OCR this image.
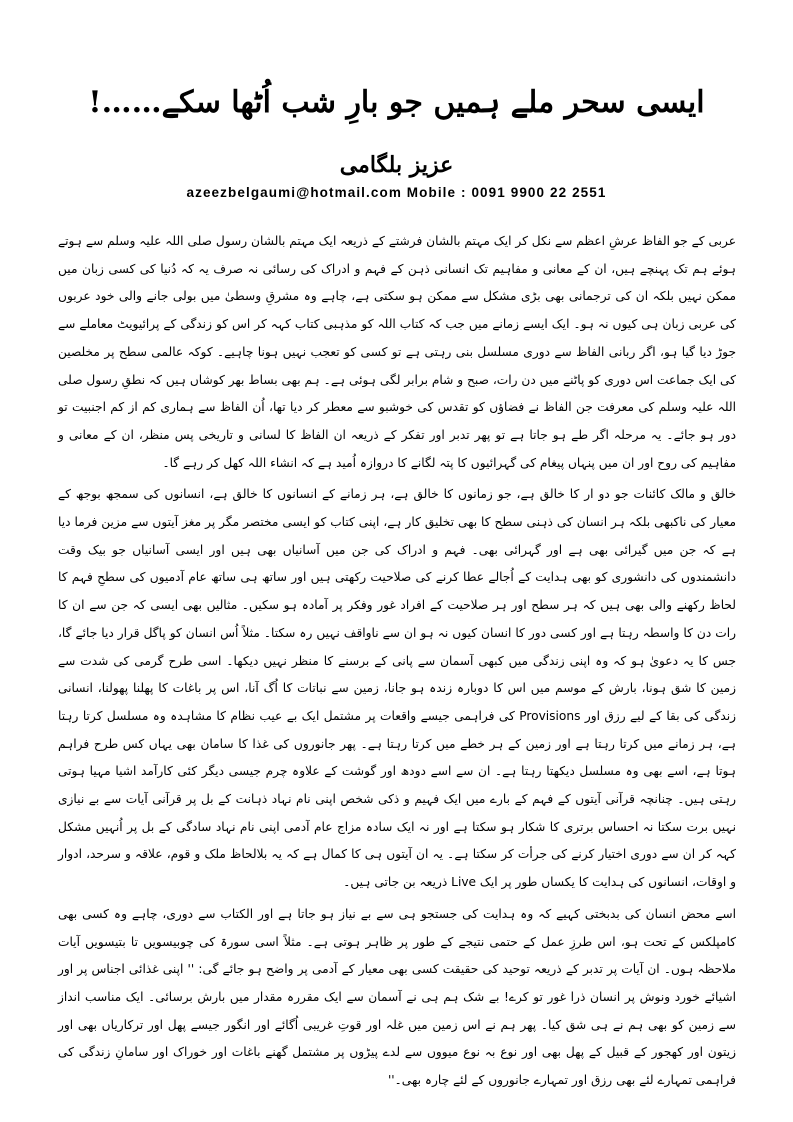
ایسی سحر ملے ہمیں جو بارِ شب اُٹھا سکے……!
عزیز بلگامی
azeezbelgaumi@hotmail.com Mobile : 0091 9900 22 2551

عربی کے جو الفاظ عرشِ اعظم سے نکل کر ایک مہتم بالشان فرشتے کے ذریعہ ایک مہتم بالشان رسول صلی اللہ علیہ وسلم سے ہوتے ہوئے ہم تک پہنچے ہیں، ان کے معانی و مفاہیم تک انسانی ذہن کے فہم و ادراک کی رسائی نہ صرف یہ کہ دُنیا کی کسی زبان میں ممکن نہیں بلکہ ان کی ترجمانی بھی بڑی مشکل سے ممکن ہو سکتی ہے، چاہے وہ مشرقِ وسطیٰ میں بولی جانے والی خود عربوں کی عربی زبان ہی کیوں نہ ہو۔ ایک ایسے زمانے میں جب کہ کتاب اللہ کو مذہبی کتاب کہہ کر اس کو زندگی کے پرائیویٹ معاملے سے جوڑ دیا گیا ہو، اگر ربانی الفاظ سے دوری مسلسل بنی رہتی ہے تو کسی کو تعجب نہیں ہونا چاہیے۔ کوکہ عالمی سطح پر مخلصین کی ایک جماعت اس دوری کو پاٹنے میں دن رات، صبح و شام برابر لگی ہوئی ہے۔ ہم بھی بساط بھر کوشاں ہیں کہ نطقِ رسول صلی اللہ علیہ وسلم کی معرفت جن الفاظ نے فضاؤں کو تقدس کی خوشبو سے معطر کر دیا تھا، اُن الفاظ سے ہماری کم از کم اجنبیت تو دور ہو جائے۔ یہ مرحلہ اگر طے ہو جاتا ہے تو پھر تدبر اور تفکر کے ذریعہ ان الفاظ کا لسانی و تاریخی پس منظر، ان کے معانی و مفاہیم کی روح اور ان میں پنہاں پیغام کی گہرائیوں کا پتہ لگانے کا دروازہ اُمید ہے کہ انشاء اللہ کھل کر رہے گا۔

خالق و مالک کائنات جو دو ار کا خالق ہے، جو زمانوں کا خالق ہے، ہر زمانے کے انسانوں کا خالق ہے، انسانوں کی سمجھ بوجھ کے معیار کی ناکبھی بلکہ ہر انسان کی ذہنی سطح کا بھی تخلیق کار ہے، اپنی کتاب کو ایسی مختصر مگر پر مغز آیتوں سے مزین فرما دیا ہے کہ جن میں گیرائی بھی ہے اور گہرائی بھی۔ فہم و ادراک کی جن میں آسانیاں بھی ہیں اور ایسی آسانیاں جو بیک وقت دانشمندوں کی دانشوری کو بھی ہدایت کے اُجالے عطا کرنے کی صلاحیت رکھتی ہیں اور ساتھ ہی ساتھ عام آدمیوں کی سطحِ فہم کا لحاظ رکھنے والی بھی ہیں کہ ہر سطح اور ہر صلاحیت کے افراد غور وفکر پر آمادہ ہو سکیں۔ مثالیں بھی ایسی کہ جن سے ان کا رات دن کا واسطہ رہتا ہے اور کسی دور کا انسان کیوں نہ ہو ان سے ناواقف نہیں رہ سکتا۔ مثلاً اُس انسان کو پاگل قرار دیا جائے گا، جس کا یہ دعویٰ ہو کہ وہ اپنی زندگی میں کبھی آسمان سے پانی کے برسنے کا منظر نہیں دیکھا۔ اسی طرح گرمی کی شدت سے زمین کا شق ہونا، بارش کے موسم میں اس کا دوبارہ زندہ ہو جانا، زمین سے نباتات کا اُگ آنا، اس پر باغات کا پھلنا پھولنا، انسانی زندگی کی بقا کے لیے رزق اور Provisions کی فراہمی جیسے واقعات پر مشتمل ایک بے عیب نظام کا مشاہدہ وہ مسلسل کرتا رہتا ہے، ہر زمانے میں کرتا رہتا ہے اور زمین کے ہر خطے میں کرتا رہتا ہے۔ پھر جانوروں کی غذا کا سامان بھی یہاں کس طرح فراہم ہوتا ہے، اسے بھی وہ مسلسل دیکھتا رہتا ہے۔ ان سے اسے دودھ اور گوشت کے علاوہ چرم جیسی دیگر کئی کارآمد اشیا مہیا ہوتی رہتی ہیں۔ چنانچہ قرآنی آیتوں کے فہم کے بارے میں ایک فہیم و ذکی شخص اپنی نام نہاد ذہانت کے بل پر قرآنی آیات سے بے نیازی نہیں برت سکتا نہ احساس برتری کا شکار ہو سکتا ہے اور نہ ایک سادہ مزاج عام آدمی اپنی نام نہاد سادگی کے بل پر اُنہیں مشکل کہہ کر ان سے دوری اختیار کرنے کی جرأت کر سکتا ہے۔ یہ ان آیتوں ہی کا کمال ہے کہ یہ بلالحاظ ملک و قوم، علاقہ و سرحد، ادوار و اوقات، انسانوں کی ہدایت کا یکساں طور پر ایک Live ذریعہ بن جاتی ہیں۔

اسے محض انسان کی بدبختی کہیے کہ وہ ہدایت کی جستجو ہی سے بے نیاز ہو جاتا ہے اور الکتاب سے دوری، چاہے وہ کسی بھی کامپلکس کے تحت ہو، اس طرزِ عمل کے حتمی نتیجے کے طور پر ظاہر ہوتی ہے۔ مثلاً اسی سورۃ کی چوبیسویں تا بتیسویں آیات ملاحظہ ہوں۔ ان آیات پر تدبر کے ذریعہ توحید کی حقیقت کسی بھی معیار کے آدمی پر واضح ہو جائے گی: '' اپنی غذائی اجناس پر اور اشیائے خورد ونوش پر انسان ذرا غور تو کرے! بے شک ہم ہی نے آسمان سے ایک مقررہ مقدار میں بارش برسائی۔ ایک مناسب انداز سے زمین کو بھی ہم نے ہی شق کیا۔ پھر ہم نے اس زمین میں غلہ اور قوتِ غریبی اُگائے اور انگور جیسے پھل اور ترکاریاں بھی اور زیتون اور کھجور کے قبیل کے پھل بھی اور نوع بہ نوع میووں سے لدے پیڑوں پر مشتمل گھنے باغات اور خوراک اور سامانِ زندگی کی فراہمی تمہارے لئے بھی رزق اور تمہارے جانوروں کے لئے چارہ بھی۔''
